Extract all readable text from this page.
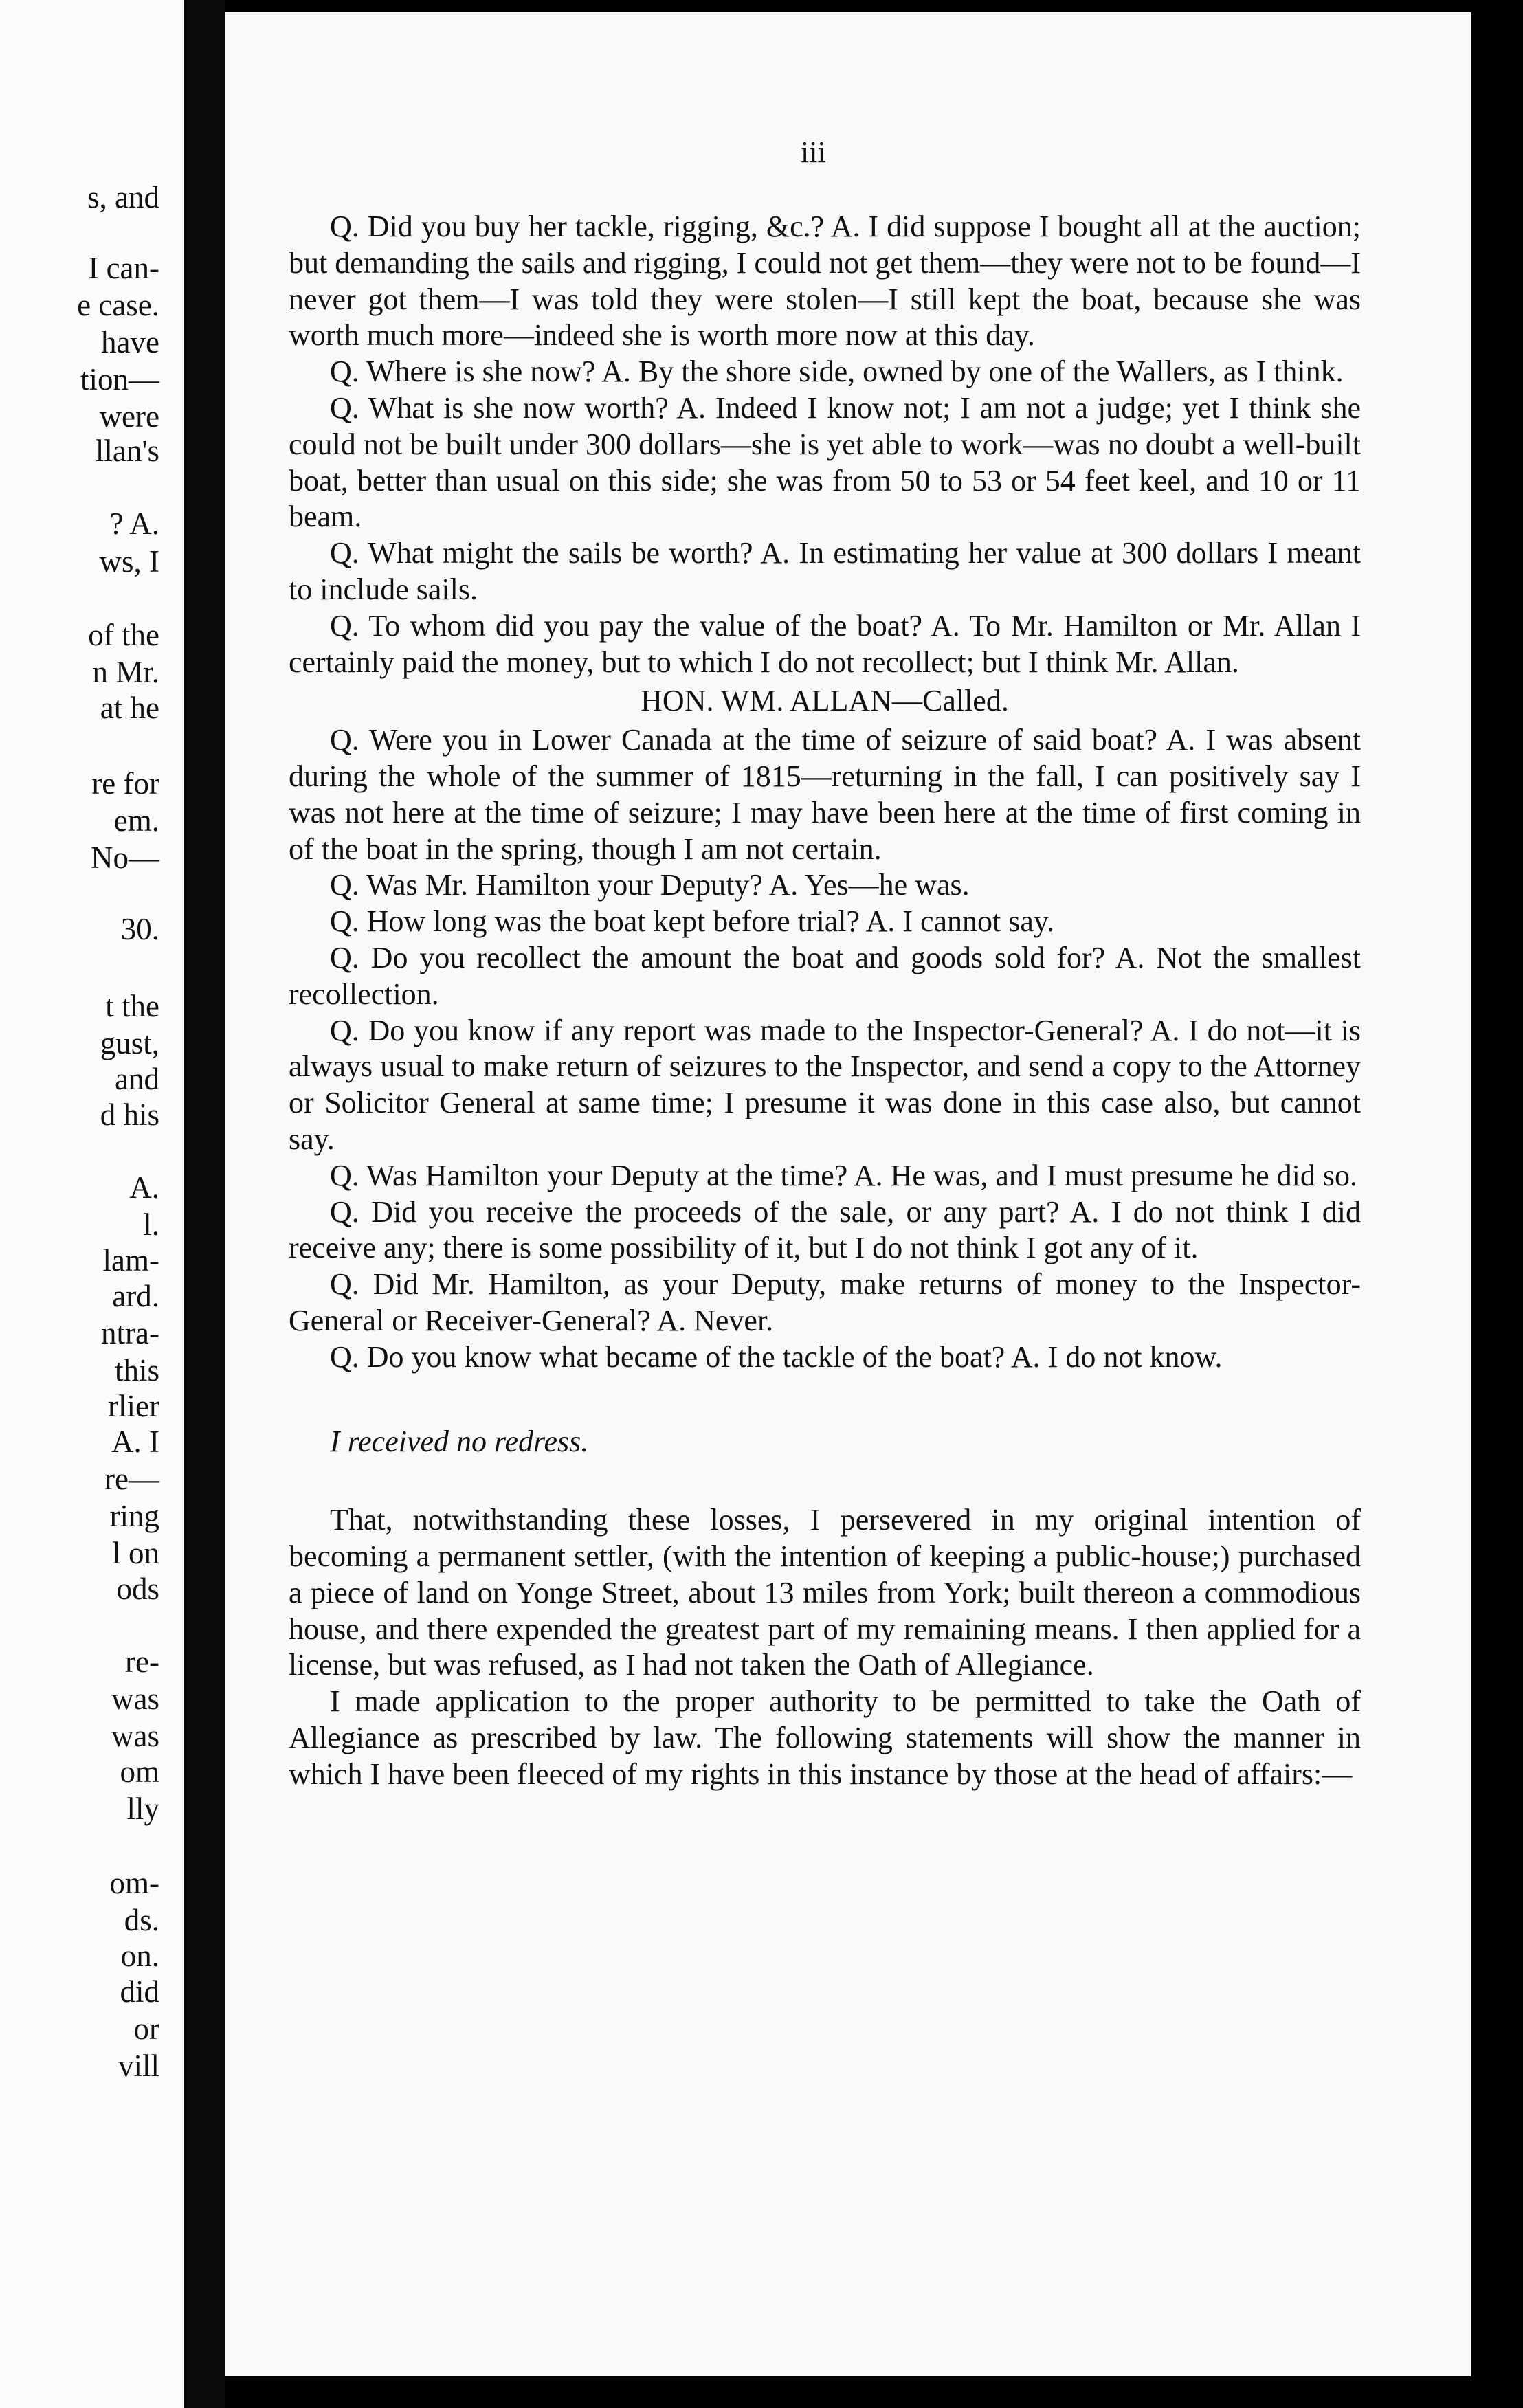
s, and
I can-
e case.
have
tion—
were
llan's
? A.
ws, I
of the
n Mr.
at he
re for
em.
No—
30.
t the
gust,
and
d his
A.
l.
lam-
ard.
ntra-
this
rlier
A. I
re—
ring
l on
ods
re-
was
was
om
lly
om-
ds.
on.
did
or
vill
iii

Q. Did you buy her tackle, rigging, &c.? A. I did suppose I bought all at the auction; but demanding the sails and rigging, I could not get them—they were not to be found—I never got them—I was told they were stolen—I still kept the boat, because she was worth much more—indeed she is worth more now at this day.

Q. Where is she now? A. By the shore side, owned by one of the Wallers, as I think.

Q. What is she now worth? A. Indeed I know not; I am not a judge; yet I think she could not be built under 300 dollars—she is yet able to work—was no doubt a well-built boat, better than usual on this side; she was from 50 to 53 or 54 feet keel, and 10 or 11 beam.

Q. What might the sails be worth? A. In estimating her value at 300 dollars I meant to include sails.

Q. To whom did you pay the value of the boat? A. To Mr. Hamilton or Mr. Allan I certainly paid the money, but to which I do not recollect; but I think Mr. Allan.

HON. WM. ALLAN—Called.

Q. Were you in Lower Canada at the time of seizure of said boat? A. I was absent during the whole of the summer of 1815—returning in the fall, I can positively say I was not here at the time of seizure; I may have been here at the time of first coming in of the boat in the spring, though I am not certain.

Q. Was Mr. Hamilton your Deputy? A. Yes—he was.

Q. How long was the boat kept before trial? A. I cannot say.

Q. Do you recollect the amount the boat and goods sold for? A. Not the smallest recollection.

Q. Do you know if any report was made to the Inspector-General? A. I do not—it is always usual to make return of seizures to the Inspector, and send a copy to the Attorney or Solicitor General at same time; I presume it was done in this case also, but cannot say.

Q. Was Hamilton your Deputy at the time? A. He was, and I must presume he did so.

Q. Did you receive the proceeds of the sale, or any part? A. I do not think I did receive any; there is some possibility of it, but I do not think I got any of it.

Q. Did Mr. Hamilton, as your Deputy, make returns of money to the Inspector-General or Receiver-General? A. Never.

Q. Do you know what became of the tackle of the boat? A. I do not know.

I received no redress.

That, notwithstanding these losses, I persevered in my original intention of becoming a permanent settler, (with the intention of keeping a public-house;) purchased a piece of land on Yonge Street, about 13 miles from York; built thereon a commodious house, and there expended the greatest part of my remaining means. I then applied for a license, but was refused, as I had not taken the Oath of Allegiance.

I made application to the proper authority to be permitted to take the Oath of Allegiance as prescribed by law. The following statements will show the manner in which I have been fleeced of my rights in this instance by those at the head of affairs:—
